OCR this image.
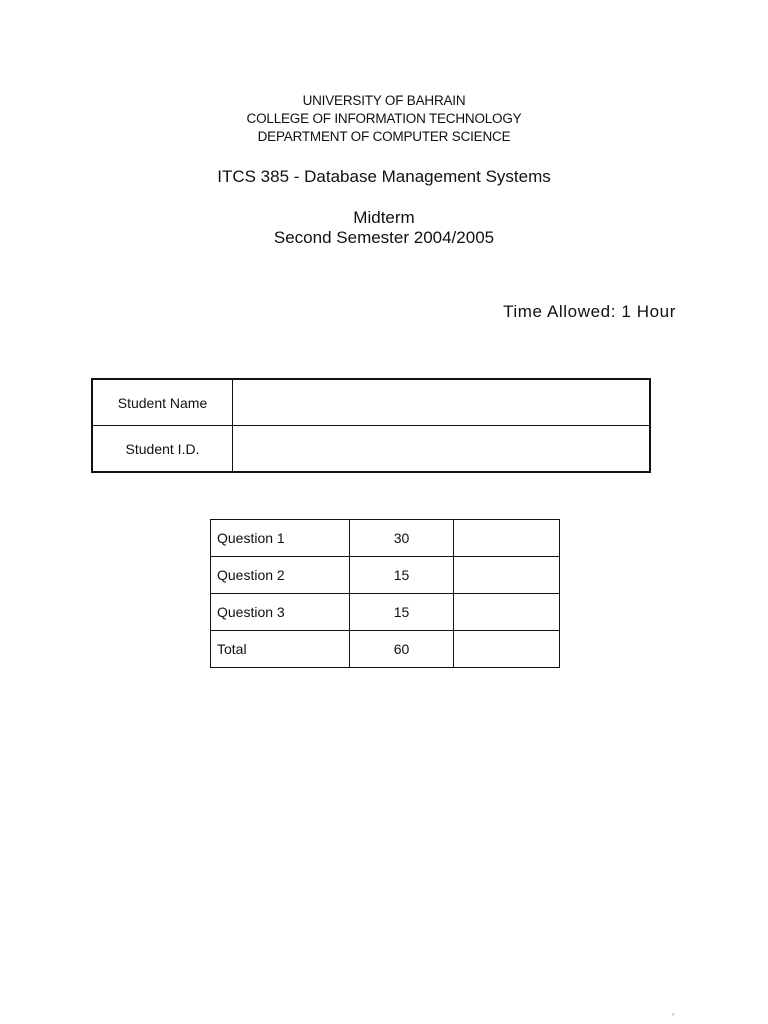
UNIVERSITY OF BAHRAIN
COLLEGE OF INFORMATION TECHNOLOGY
DEPARTMENT OF COMPUTER SCIENCE
ITCS 385 - Database Management Systems
Midterm
Second Semester 2004/2005
Time Allowed: 1 Hour
Student Name	
Student I.D.	
Question 1	30	
Question 2	15	
Question 3	15	
Total	60	
'
